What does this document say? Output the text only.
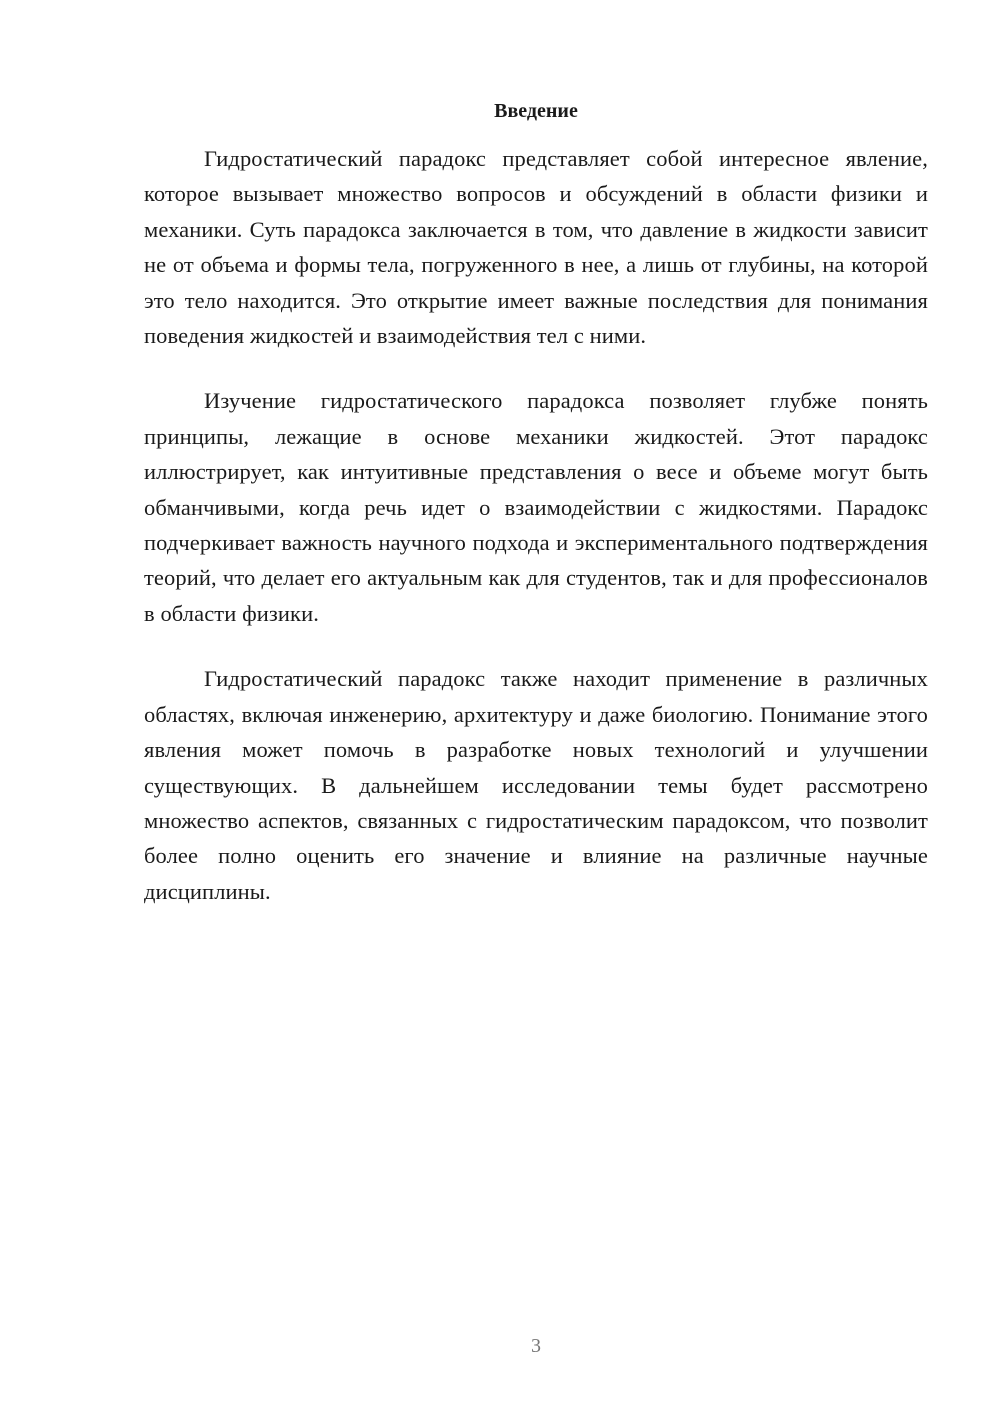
Введение

Гидростатический парадокс представляет собой интересное явление, которое вызывает множество вопросов и обсуждений в области физики и механики. Суть парадокса заключается в том, что давление в жидкости зависит не от объема и формы тела, погруженного в нее, а лишь от глубины, на которой это тело находится. Это открытие имеет важные последствия для понимания поведения жидкостей и взаимодействия тел с ними.

Изучение гидростатического парадокса позволяет глубже понять принципы, лежащие в основе механики жидкостей. Этот парадокс иллюстрирует, как интуитивные представления о весе и объеме могут быть обманчивыми, когда речь идет о взаимодействии с жидкостями. Парадокс подчеркивает важность научного подхода и экспериментального подтверждения теорий, что делает его актуальным как для студентов, так и для профессионалов в области физики.

Гидростатический парадокс также находит применение в различных областях, включая инженерию, архитектуру и даже биологию. Понимание этого явления может помочь в разработке новых технологий и улучшении существующих. В дальнейшем исследовании темы будет рассмотрено множество аспектов, связанных с гидростатическим парадоксом, что позволит более полно оценить его значение и влияние на различные научные дисциплины.

3
